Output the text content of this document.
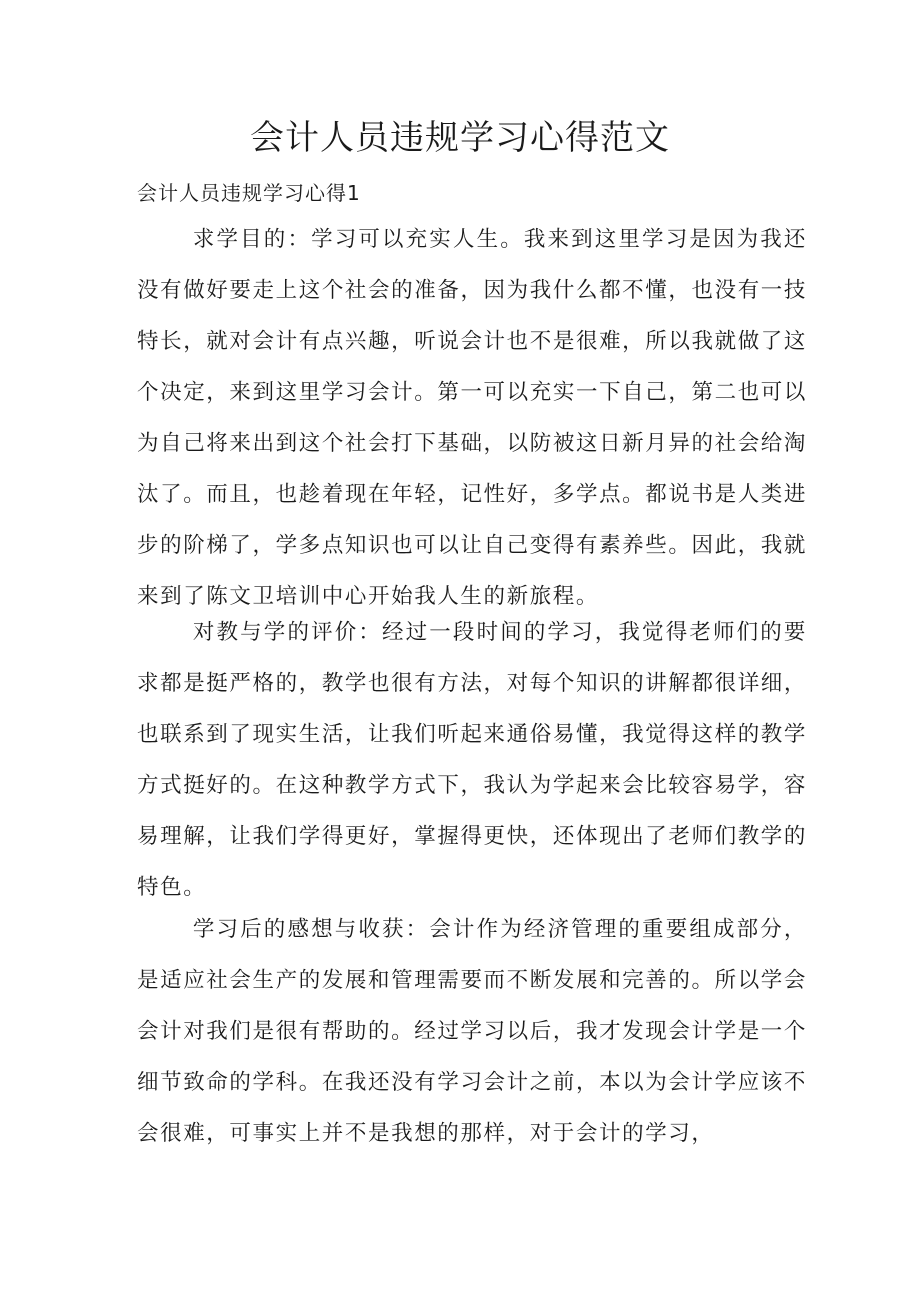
会计人员违规学习心得范文
会计人员违规学习心得1

求学目的：学习可以充实人生。我来到这里学习是因为我还没有做好要走上这个社会的准备，因为我什么都不懂，也没有一技特长，就对会计有点兴趣，听说会计也不是很难，所以我就做了这个决定，来到这里学习会计。第一可以充实一下自己，第二也可以为自己将来出到这个社会打下基础，以防被这日新月异的社会给淘汰了。而且，也趁着现在年轻，记性好，多学点。都说书是人类进步的阶梯了，学多点知识也可以让自己变得有素养些。因此，我就来到了陈文卫培训中心开始我人生的新旅程。

对教与学的评价：经过一段时间的学习，我觉得老师们的要求都是挺严格的，教学也很有方法，对每个知识的讲解都很详细，也联系到了现实生活，让我们听起来通俗易懂，我觉得这样的教学方式挺好的。在这种教学方式下，我认为学起来会比较容易学，容易理解，让我们学得更好，掌握得更快，还体现出了老师们教学的特色。

学习后的感想与收获：会计作为经济管理的重要组成部分，是适应社会生产的发展和管理需要而不断发展和完善的。所以学会会计对我们是很有帮助的。经过学习以后，我才发现会计学是一个细节致命的学科。在我还没有学习会计之前，本以为会计学应该不会很难，可事实上并不是我想的那样，对于会计的学习，
